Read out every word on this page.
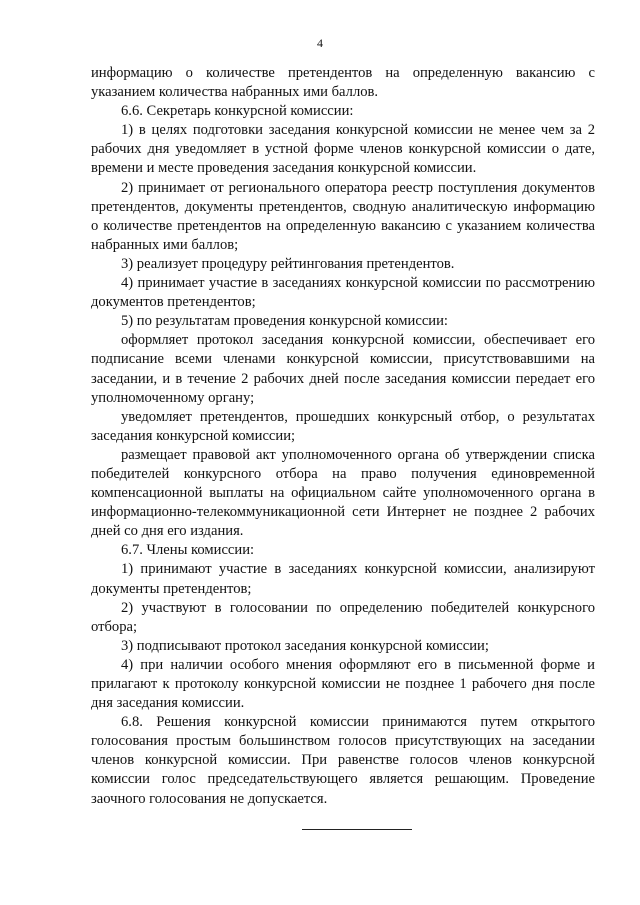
4

информацию о количестве претендентов на определенную вакансию с указанием количества набранных ими баллов.

6.6. Секретарь конкурсной комиссии:

1) в целях подготовки заседания конкурсной комиссии не менее чем за 2 рабочих дня уведомляет в устной форме членов конкурсной комиссии о дате, времени и месте проведения заседания конкурсной комиссии.

2) принимает от регионального оператора реестр поступления документов претендентов, документы претендентов, сводную аналитическую информацию о количестве претендентов на определенную вакансию с указанием количества набранных ими баллов;

3) реализует процедуру рейтингования претендентов.

4) принимает участие в заседаниях конкурсной комиссии по рассмотрению документов претендентов;

5) по результатам проведения конкурсной комиссии:

оформляет протокол заседания конкурсной комиссии, обеспечивает его подписание всеми членами конкурсной комиссии, присутствовавшими на заседании, и в течение 2 рабочих дней после заседания комиссии передает его уполномоченному органу;

уведомляет претендентов, прошедших конкурсный отбор, о результатах заседания конкурсной комиссии;

размещает правовой акт уполномоченного органа об утверждении списка победителей конкурсного отбора на право получения единовременной компенсационной выплаты на официальном сайте уполномоченного органа в информационно-телекоммуникационной сети Интернет не позднее 2 рабочих дней со дня его издания.

6.7. Члены комиссии:

1) принимают участие в заседаниях конкурсной комиссии, анализируют документы претендентов;

2) участвуют в голосовании по определению победителей конкурсного отбора;

3) подписывают протокол заседания конкурсной комиссии;

4) при наличии особого мнения оформляют его в письменной форме и прилагают к протоколу конкурсной комиссии не позднее 1 рабочего дня после дня заседания комиссии.

6.8. Решения конкурсной комиссии принимаются путем открытого голосования простым большинством голосов присутствующих на заседании членов конкурсной комиссии. При равенстве голосов членов конкурсной комиссии голос председательствующего является решающим. Проведение заочного голосования не допускается.
